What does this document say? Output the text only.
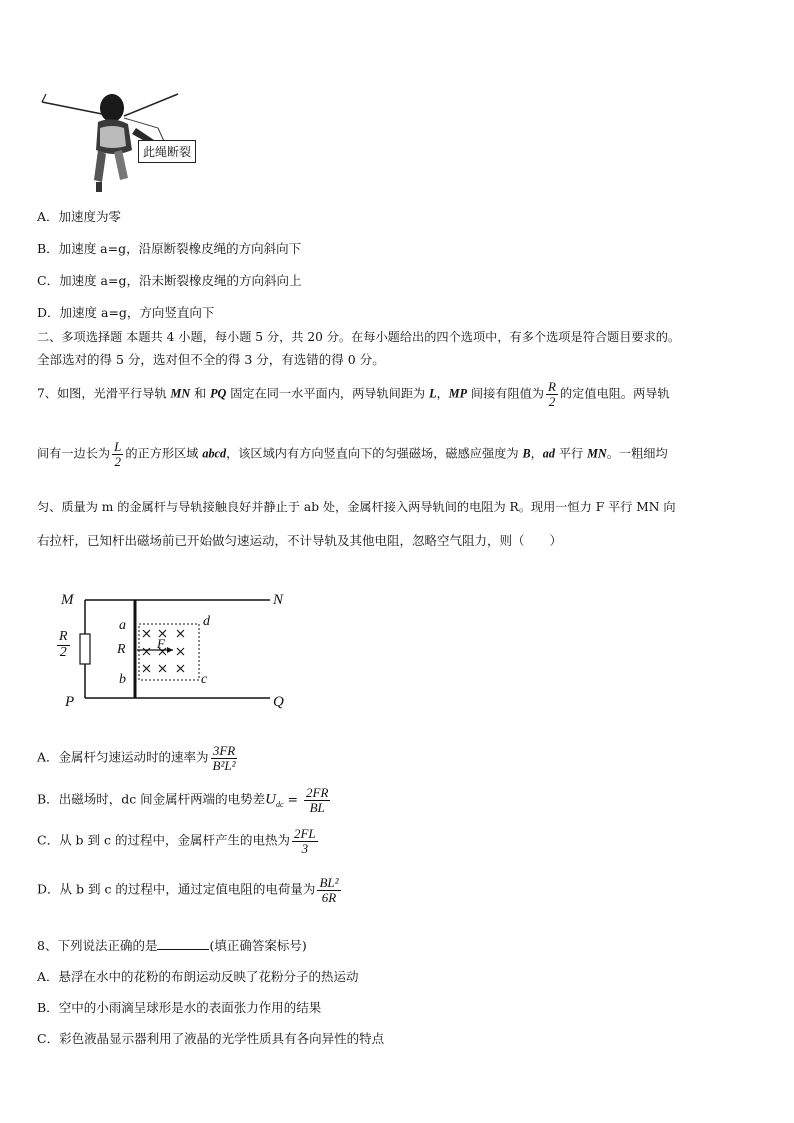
此绳断裂
A．加速度为零
B．加速度 a=g，沿原断裂橡皮绳的方向斜向下
C．加速度 a=g，沿未断裂橡皮绳的方向斜向上
D．加速度 a=g，方向竖直向下
二、多项选择题 本题共 4 小题，每小题 5 分，共 20 分。在每小题给出的四个选项中，有多个选项是符合题目要求的。
全部选对的得 5 分，选对但不全的得 3 分，有选错的得 0 分。
7、如图，光滑平行导轨 MN 和 PQ 固定在同一水平面内，两导轨间距为 L，MP 间接有阻值为 $\frac{R}{2}$ 的定值电阻。两导轨
间有一边长为 $\frac{L}{2}$ 的正方形区域 abcd，该区域内有方向竖直向下的匀强磁场，磁感应强度为 B，ad 平行 MN。一粗细均
匀、质量为 m 的金属杆与导轨接触良好并静止于 ab 处，金属杆接入两导轨间的电阻为 R。现用一恒力 F 平行 MN 向
右拉杆，已知杆出磁场前已开始做匀速运动，不计导轨及其他电阻，忽略空气阻力，则（　　）
M	N
P	Q
a
R
b
d
c
F
$\frac{R}{2}$
A．金属杆匀速运动时的速率为 $\frac{3FR}{\text{B²L²}}$
B．出磁场时，dc 间金属杆两端的电势差$U_{dc} = \frac{2FR}{BL}$
C．从 b 到 c 的过程中，金属杆产生的电热为 $\frac{2FL}{3}$
D．从 b 到 c 的过程中，通过定值电阻的电荷量为 $\frac{\text{BL²}}{6R}$
8、下列说法正确的是	(填正确答案标号)
A．悬浮在水中的花粉的布朗运动反映了花粉分子的热运动
B．空中的小雨滴呈球形是水的表面张力作用的结果
C．彩色液晶显示器利用了液晶的光学性质具有各向异性的特点
